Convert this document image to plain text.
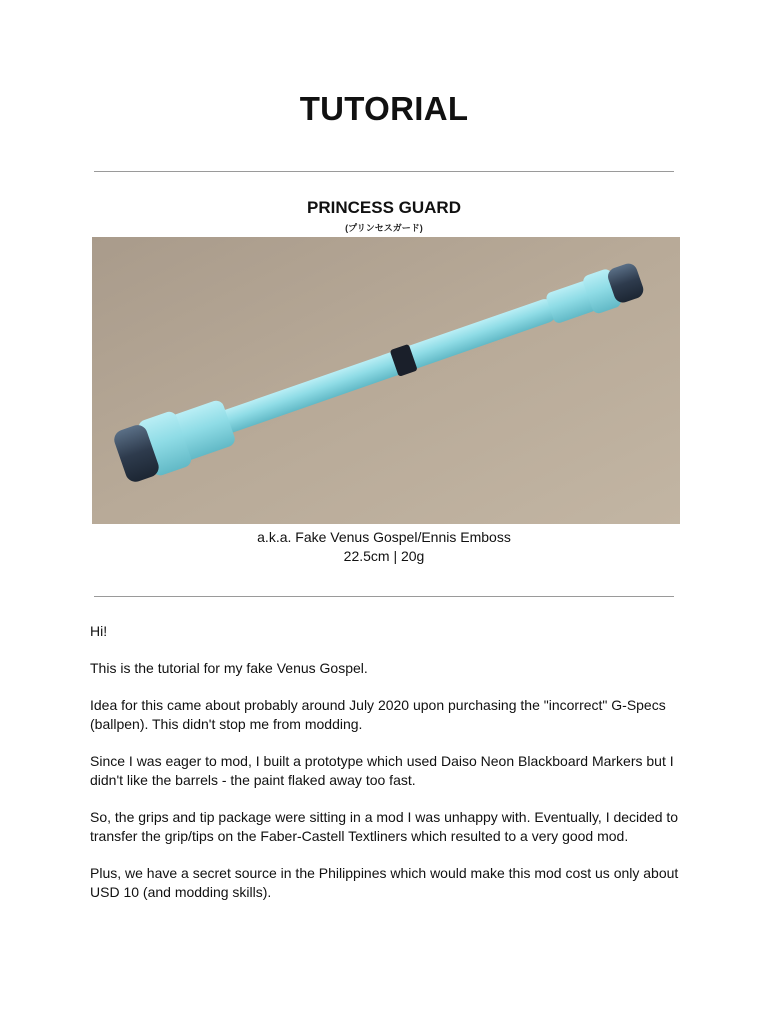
TUTORIAL
PRINCESS GUARD
(プリンセスガード)
a.k.a. Fake Venus Gospel/Ennis Emboss
22.5cm | 20g

Hi!

This is the tutorial for my fake Venus Gospel.

Idea for this came about probably around July 2020 upon purchasing the "incorrect" G-Specs (ballpen). This didn't stop me from modding.

Since I was eager to mod, I built a prototype which used Daiso Neon Blackboard Markers but I didn't like the barrels - the paint flaked away too fast.

So, the grips and tip package were sitting in a mod I was unhappy with. Eventually, I decided to transfer the grip/tips on the Faber-Castell Textliners which resulted to a very good mod.

Plus, we have a secret source in the Philippines which would make this mod cost us only about USD 10 (and modding skills).
